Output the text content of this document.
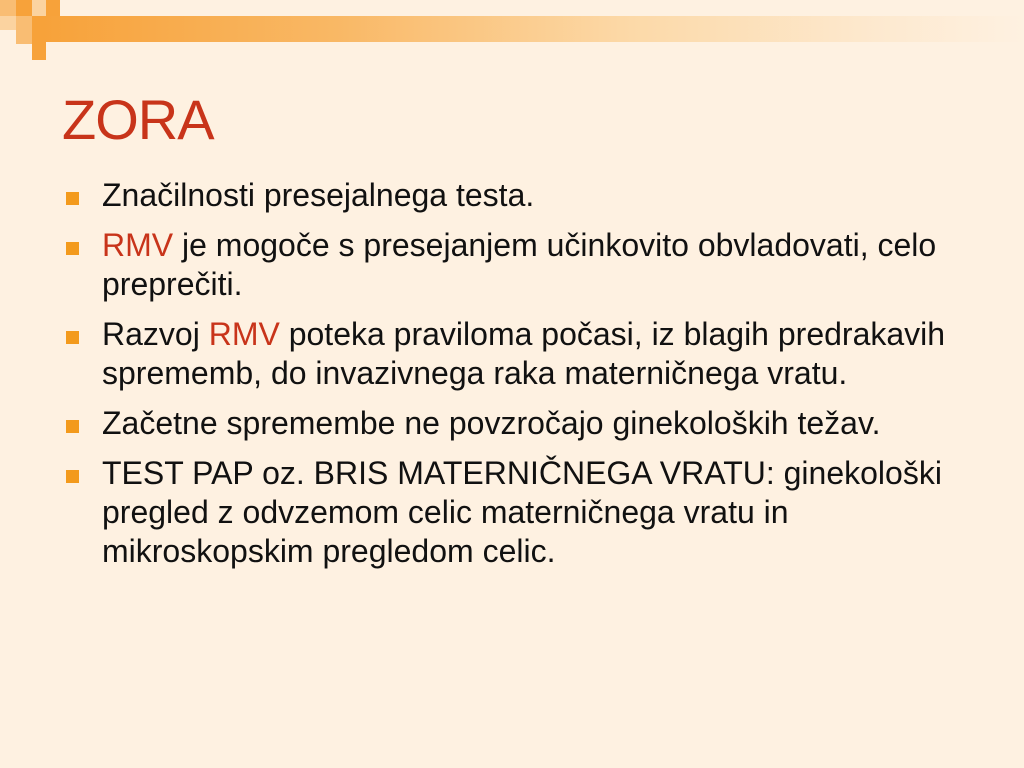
ZORA
Značilnosti presejalnega testa.
RMV je mogoče s presejanjem učinkovito obvladovati, celo preprečiti.
Razvoj RMV poteka praviloma počasi, iz blagih predrakavih sprememb, do invazivnega raka materničnega vratu.
Začetne spremembe ne povzročajo ginekoloških težav.
TEST PAP oz. BRIS MATERNIČNEGA VRATU: ginekološki pregled z odvzemom celic materničnega vratu in mikroskopskim pregledom celic.
